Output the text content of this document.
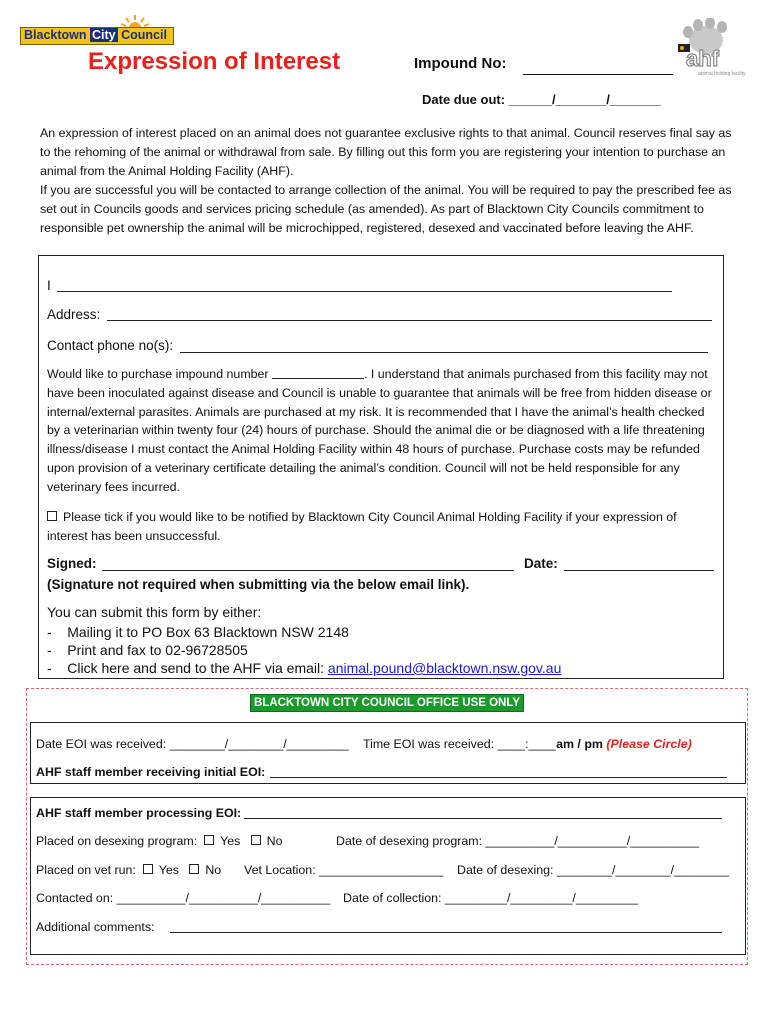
Blacktown City Council
ahf
animal holding facility
Expression of Interest	Impound No:
Date due out: ______/_______/_______

An expression of interest placed on an animal does not guarantee exclusive rights to that animal. Council reserves final say as to the rehoming of the animal or withdrawal from sale. By filling out this form you are registering your intention to purchase an animal from the Animal Holding Facility (AHF).

If you are successful you will be contacted to arrange collection of the animal. You will be required to pay the prescribed fee as set out in Councils goods and services pricing schedule (as amended). As part of Blacktown City Councils commitment to responsible pet ownership the animal will be microchipped, registered, desexed and vaccinated before leaving the AHF.

I
Address:
Contact phone no(s):
Would like to purchase impound number	. I understand that animals purchased from this facility may not have been inoculated against disease and Council is unable to guarantee that animals will be free from hidden disease or internal/external parasites. Animals are purchased at my risk. It is recommended that I have the animal’s health checked by a veterinarian within twenty four (24) hours of purchase. Should the animal die or be diagnosed with a life threatening illness/disease I must contact the Animal Holding Facility within 48 hours of purchase. Purchase costs may be refunded upon provision of a veterinary certificate detailing the animal’s condition. Council will not be held responsible for any veterinary fees incurred.
Please tick if you would like to be notified by Blacktown City Council Animal Holding Facility if your expression of interest has been unsuccessful.
Signed:	Date:
(Signature not required when submitting via the below email link).
You can submit this form by either:
-    Mailing it to PO Box 63 Blacktown NSW 2148
-    Print and fax to 02-96728505
-    Click here and send to the AHF via email: animal.pound@blacktown.nsw.gov.au
BLACKTOWN CITY COUNCIL OFFICE USE ONLY
Date EOI was received: ________/________/_________ Time EOI was received: ____:____am / pm (Please Circle)
AHF staff member receiving initial EOI:
AHF staff member processing EOI:
Placed on desexing program: Yes No	Date of desexing program: __________/__________/__________
Placed on vet run: Yes No Vet Location: __________________ Date of desexing: ________/________/________
Contacted on: __________/__________/__________ Date of collection: _________/_________/_________
Additional comments:
